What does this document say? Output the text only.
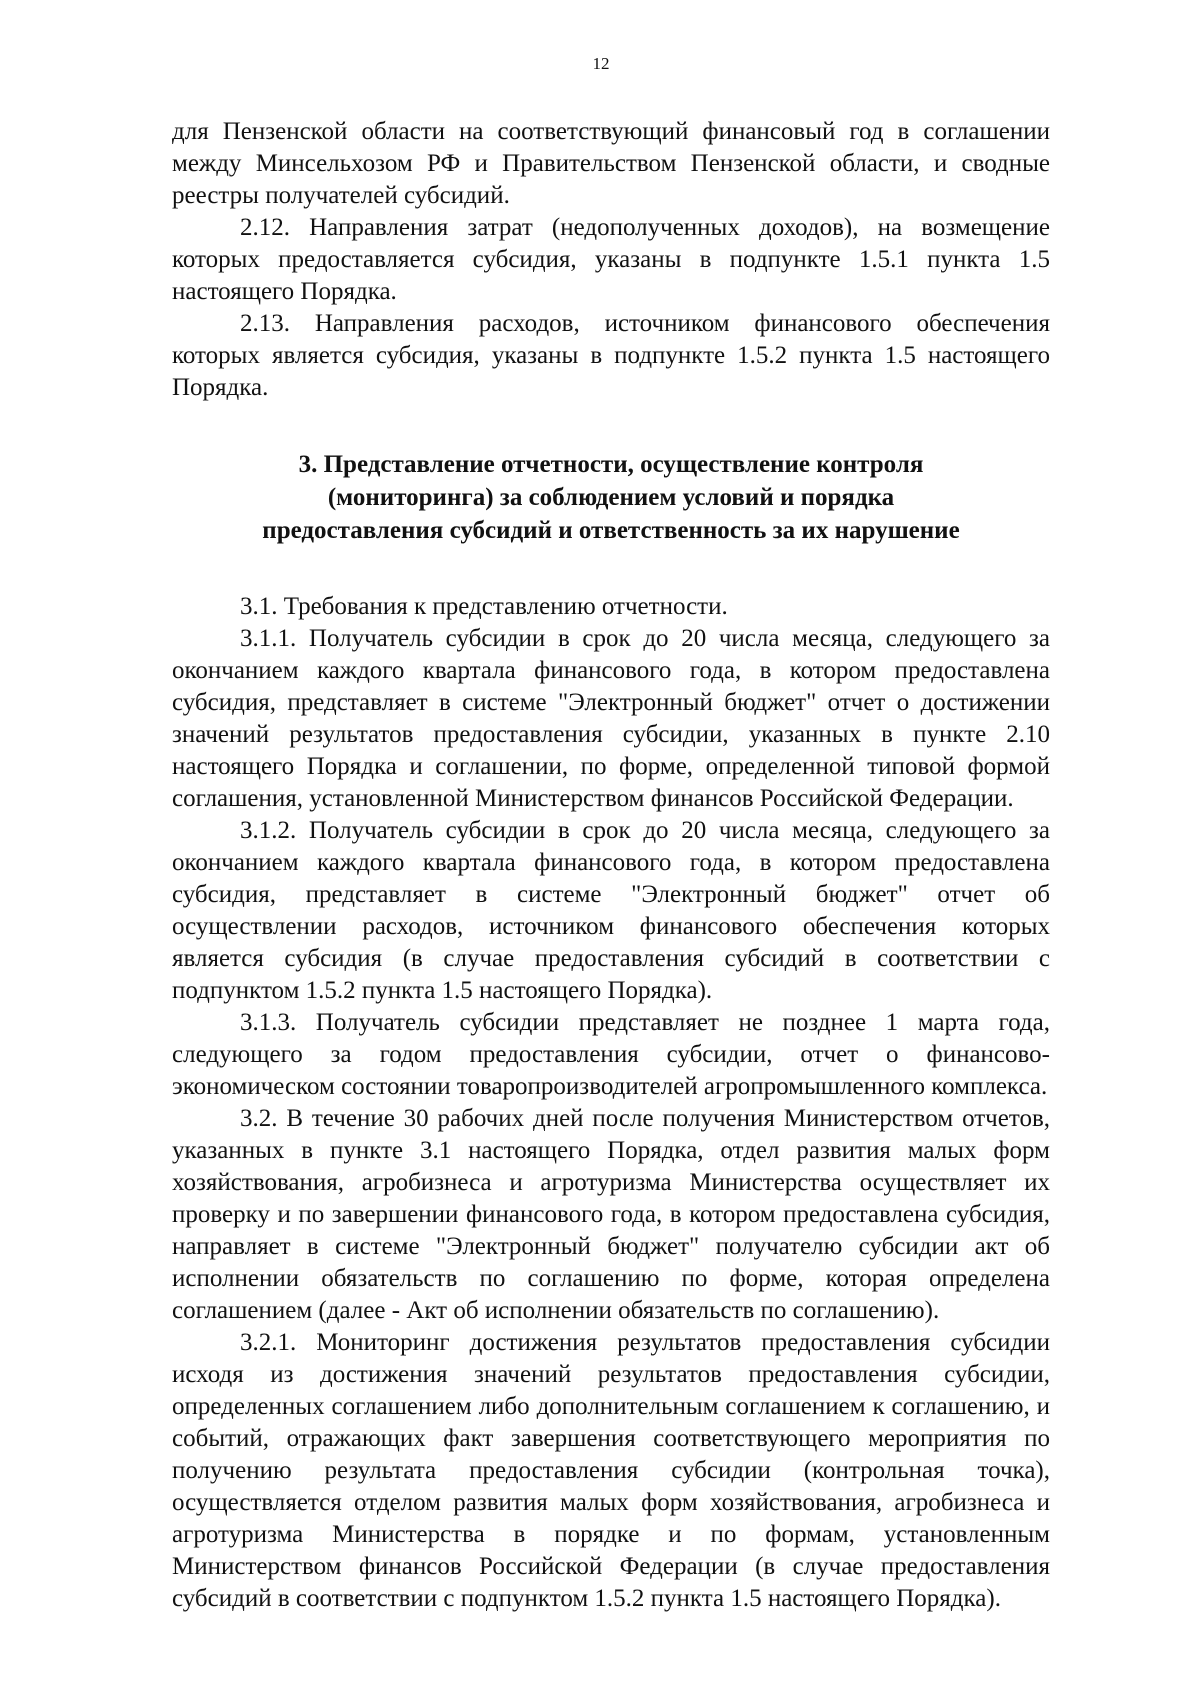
12

для Пензенской области на соответствующий финансовый год в соглашении между Минсельхозом РФ и Правительством Пензенской области, и сводные реестры получателей субсидий.

2.12. Направления затрат (недополученных доходов), на возмещение которых предоставляется субсидия, указаны в подпункте 1.5.1 пункта 1.5 настоящего Порядка.

2.13. Направления расходов, источником финансового обеспечения которых является субсидия, указаны в подпункте 1.5.2 пункта 1.5 настоящего Порядка.

3. Представление отчетности, осуществление контроля
(мониторинга) за соблюдением условий и порядка
предоставления субсидий и ответственность за их нарушение

3.1. Требования к представлению отчетности.

3.1.1. Получатель субсидии в срок до 20 числа месяца, следующего за окончанием каждого квартала финансового года, в котором предоставлена субсидия, представляет в системе "Электронный бюджет" отчет о достижении значений результатов предоставления субсидии, указанных в пункте 2.10 настоящего Порядка и соглашении, по форме, определенной типовой формой соглашения, установленной Министерством финансов Российской Федерации.

3.1.2. Получатель субсидии в срок до 20 числа месяца, следующего за окончанием каждого квартала финансового года, в котором предоставлена субсидия, представляет в системе "Электронный бюджет" отчет об осуществлении расходов, источником финансового обеспечения которых является субсидия (в случае предоставления субсидий в соответствии с подпунктом 1.5.2 пункта 1.5 настоящего Порядка).

3.1.3. Получатель субсидии представляет не позднее 1 марта года, следующего за годом предоставления субсидии, отчет о финансово-экономическом состоянии товаропроизводителей агропромышленного комплекса.

3.2. В течение 30 рабочих дней после получения Министерством отчетов, указанных в пункте 3.1 настоящего Порядка, отдел развития малых форм хозяйствования, агробизнеса и агротуризма Министерства осуществляет их проверку и по завершении финансового года, в котором предоставлена субсидия, направляет в системе "Электронный бюджет" получателю субсидии акт об исполнении обязательств по соглашению по форме, которая определена соглашением (далее - Акт об исполнении обязательств по соглашению).

3.2.1. Мониторинг достижения результатов предоставления субсидии исходя из достижения значений результатов предоставления субсидии, определенных соглашением либо дополнительным соглашением к соглашению, и событий, отражающих факт завершения соответствующего мероприятия по получению результата предоставления субсидии (контрольная точка), осуществляется отделом развития малых форм хозяйствования, агробизнеса и агротуризма Министерства в порядке и по формам, установленным Министерством финансов Российской Федерации (в случае предоставления субсидий в соответствии с подпунктом 1.5.2 пункта 1.5 настоящего Порядка).
